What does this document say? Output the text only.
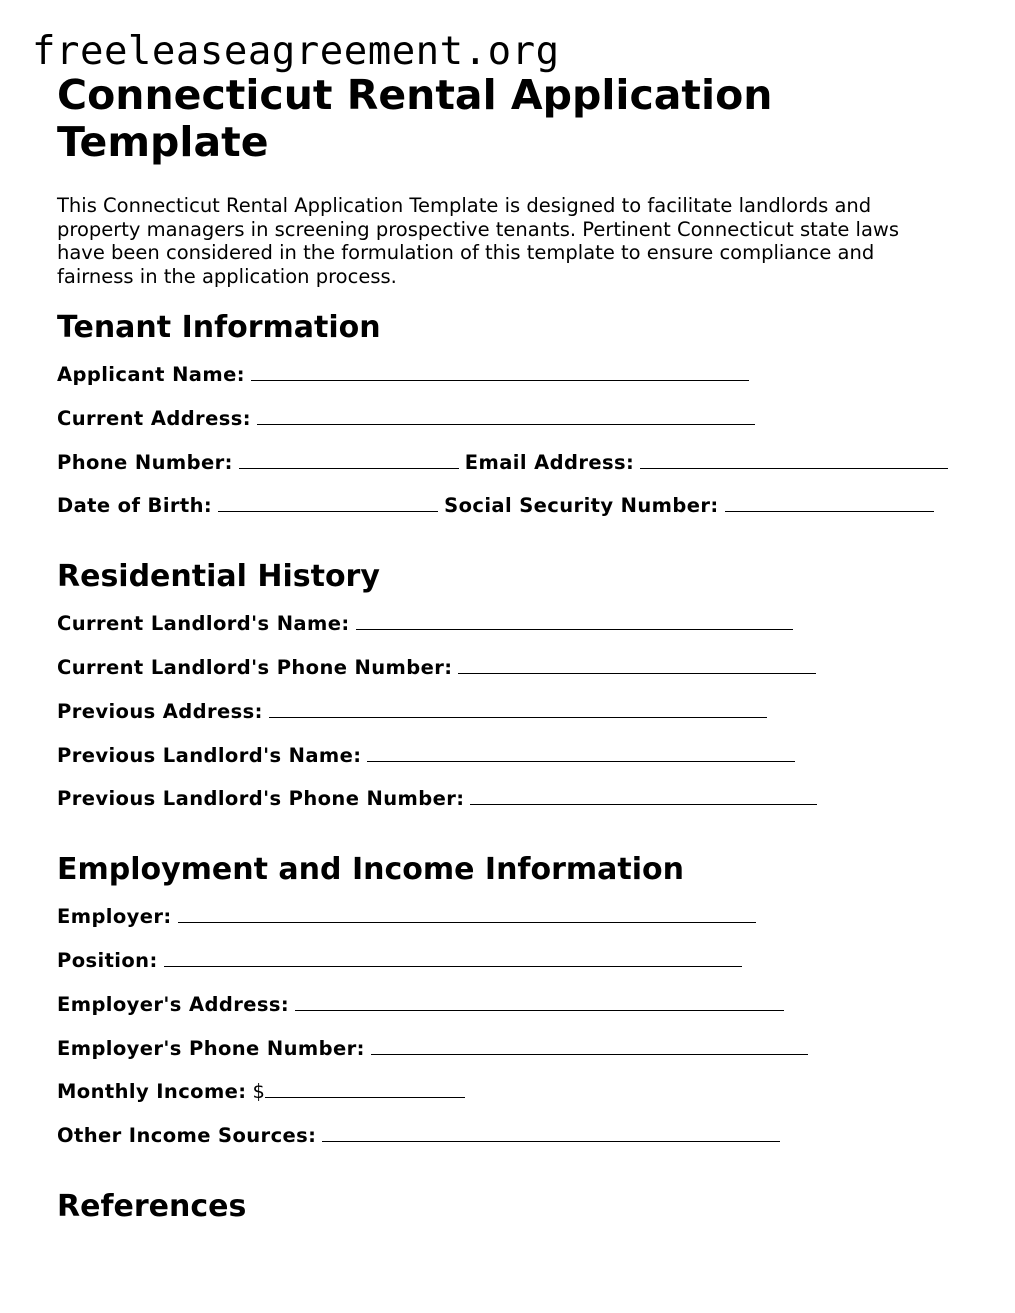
freeleaseagreement.org
Connecticut Rental Application Template

This Connecticut Rental Application Template is designed to facilitate landlords and property managers in screening prospective tenants. Pertinent Connecticut state laws have been considered in the formulation of this template to ensure compliance and fairness in the application process.

Tenant Information
Applicant Name:
Current Address:
Phone Number:	Email Address:
Date of Birth:	Social Security Number:
Residential History
Current Landlord's Name:
Current Landlord's Phone Number:
Previous Address:
Previous Landlord's Name:
Previous Landlord's Phone Number:
Employment and Income Information
Employer:
Position:
Employer's Address:
Employer's Phone Number:
Monthly Income: $
Other Income Sources:
References
